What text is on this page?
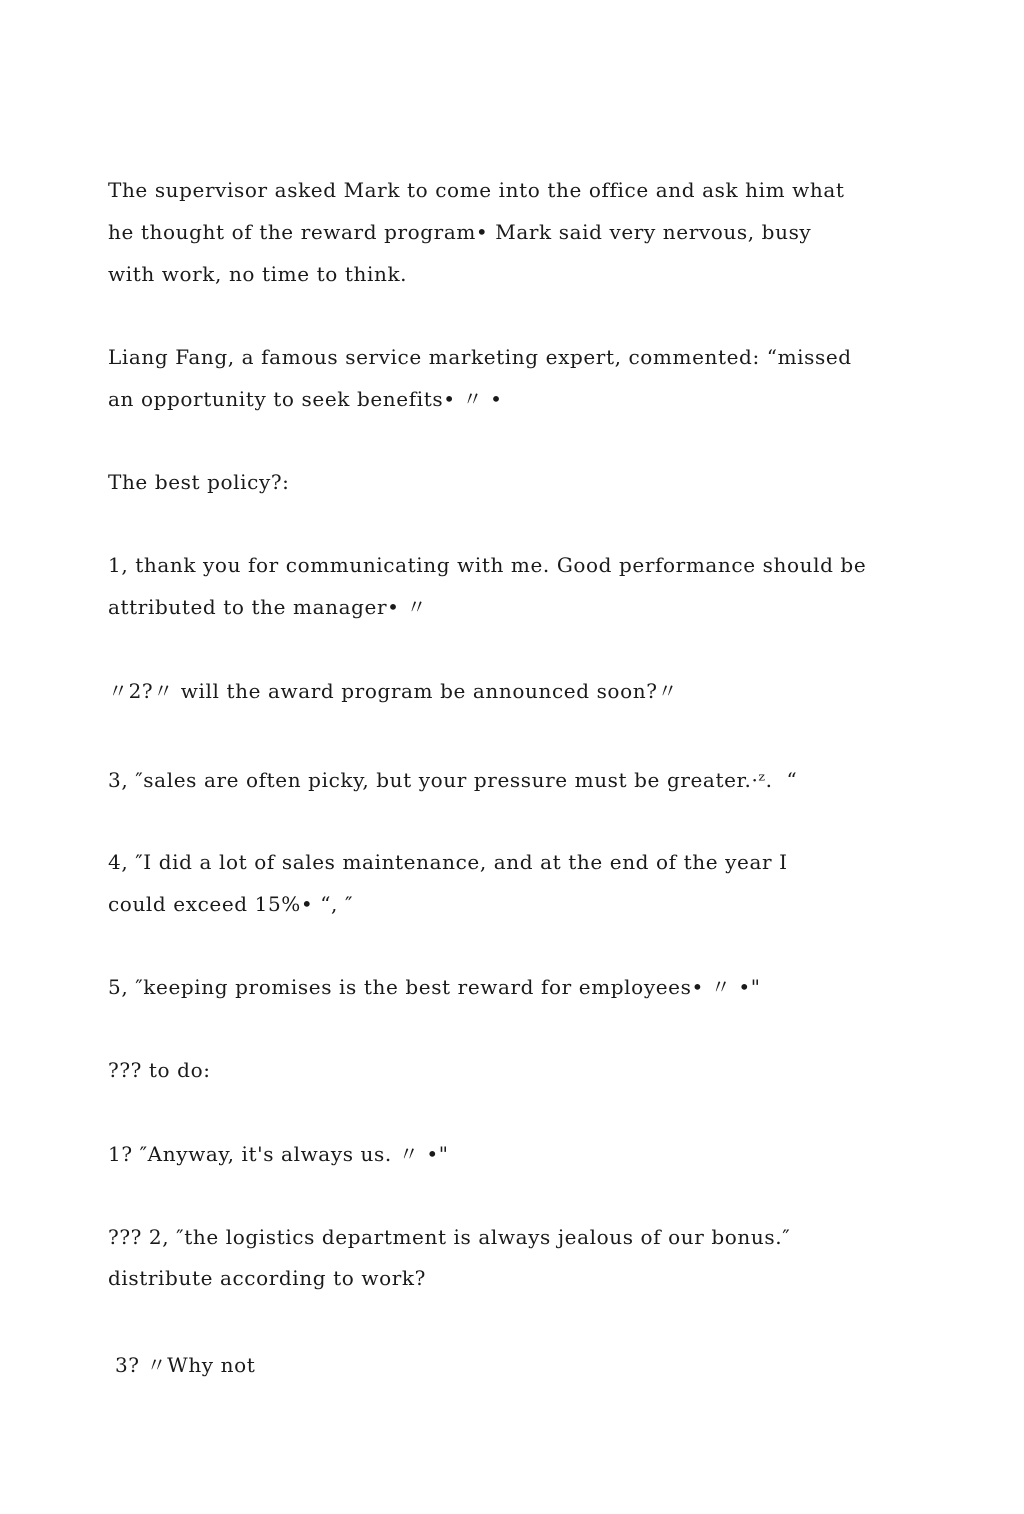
The supervisor asked Mark to come into the office and ask him what

he thought of the reward program• Mark said very nervous, busy

with work, no time to think.

Liang Fang, a famous service marketing expert, commented: “missed

an opportunity to seek benefits• 〃 •

The best policy?:

1, thank you for communicating with me. Good performance should be

attributed to the manager• 〃

〃2?〃 will the award program be announced soon?〃

3, ″sales are often picky, but your pressure must be greater.·ᶻ.  “

4, ″I did a lot of sales maintenance, and at the end of the year I

could exceed 15%• “, ″

5, ″keeping promises is the best reward for employees• 〃 •"

??? to do:

1? ″Anyway, it's always us. 〃 •"

??? 2, ″the logistics department is always jealous of our bonus.″

distribute according to work?

3? 〃Why not
